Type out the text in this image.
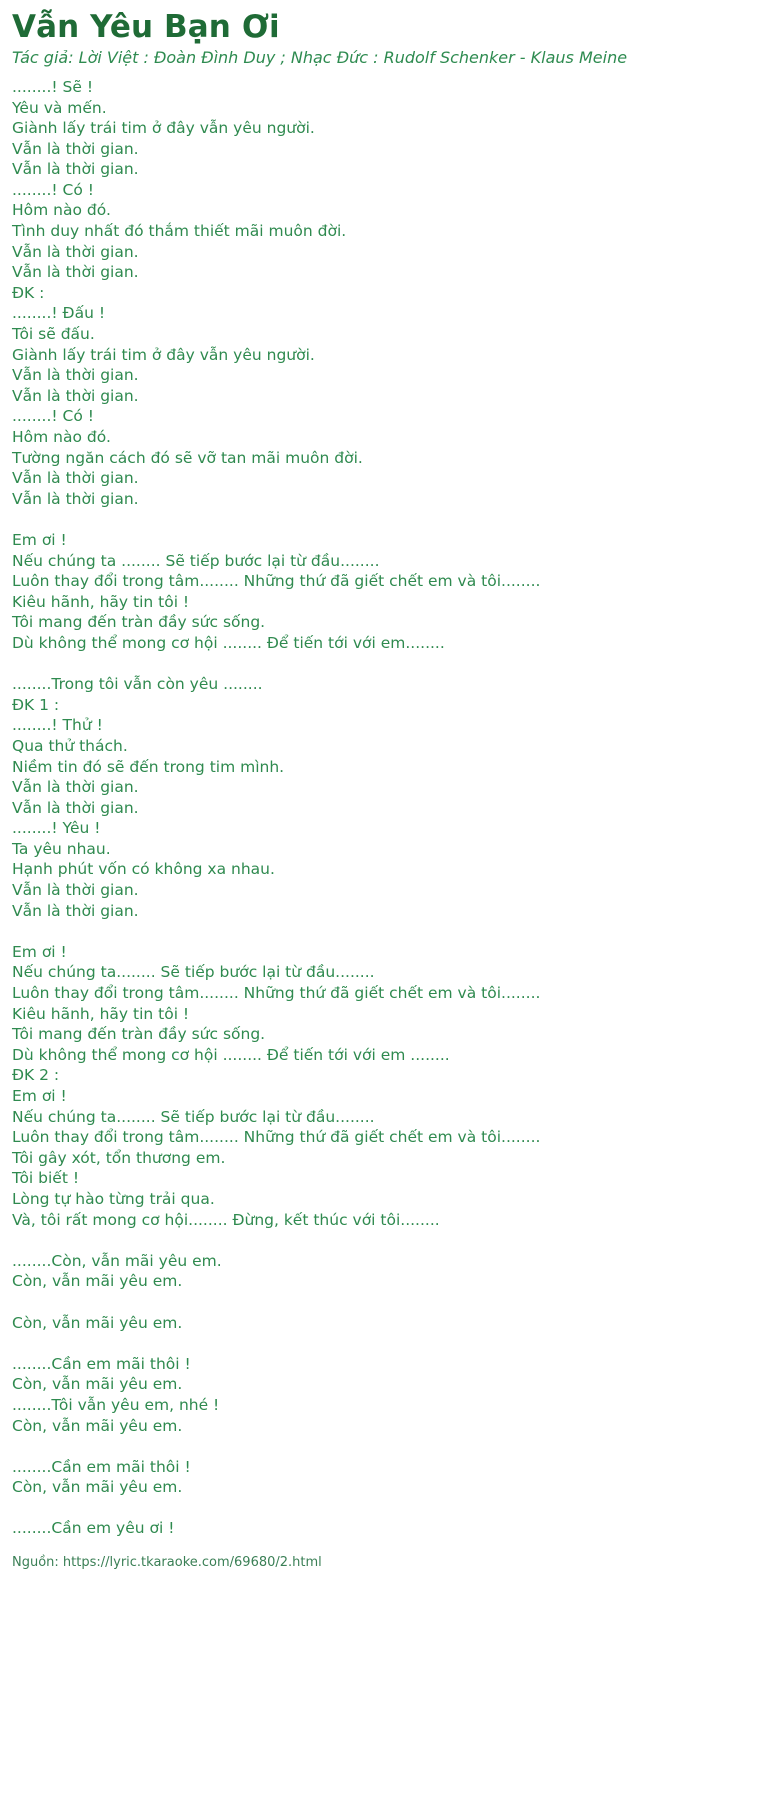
Vẫn Yêu Bạn Ơi
Tác giả: Lời Việt : Đoàn Đình Duy ; Nhạc Đức : Rudolf Schenker - Klaus Meine
........! Sẽ !
Yêu và mến.
Giành lấy trái tim ở đây vẫn yêu người.
Vẫn là thời gian.
Vẫn là thời gian.
........! Có !
Hôm nào đó.
Tình duy nhất đó thắm thiết mãi muôn đời.
Vẫn là thời gian.
Vẫn là thời gian.
ĐK :
........! Đấu !
Tôi sẽ đấu.
Giành lấy trái tim ở đây vẫn yêu người.
Vẫn là thời gian.
Vẫn là thời gian.
........! Có !
Hôm nào đó.
Tường ngăn cách đó sẽ vỡ tan mãi muôn đời.
Vẫn là thời gian.
Vẫn là thời gian.

Em ơi !
Nếu chúng ta ........ Sẽ tiếp bước lại từ đầu........
Luôn thay đổi trong tâm........ Những thứ đã giết chết em và tôi........
Kiêu hãnh, hãy tin tôi !
Tôi mang đến tràn đầy sức sống.
Dù không thể mong cơ hội ........ Để tiến tới với em........

........Trong tôi vẫn còn yêu ........
ĐK 1 :
........! Thử !
Qua thử thách.
Niềm tin đó sẽ đến trong tim mình.
Vẫn là thời gian.
Vẫn là thời gian.
........! Yêu !
Ta yêu nhau.
Hạnh phút vốn có không xa nhau.
Vẫn là thời gian.
Vẫn là thời gian.

Em ơi !
Nếu chúng ta........ Sẽ tiếp bước lại từ đầu........
Luôn thay đổi trong tâm........ Những thứ đã giết chết em và tôi........
Kiêu hãnh, hãy tin tôi !
Tôi mang đến tràn đầy sức sống.
Dù không thể mong cơ hội ........ Để tiến tới với em ........
ĐK 2 :
Em ơi !
Nếu chúng ta........ Sẽ tiếp bước lại từ đầu........
Luôn thay đổi trong tâm........ Những thứ đã giết chết em và tôi........
Tôi gây xót, tổn thương em.
Tôi biết !
Lòng tự hào từng trải qua.
Và, tôi rất mong cơ hội........ Đừng, kết thúc với tôi........

........Còn, vẫn mãi yêu em.
Còn, vẫn mãi yêu em.

Còn, vẫn mãi yêu em.

........Cần em mãi thôi !
Còn, vẫn mãi yêu em.
........Tôi vẫn yêu em, nhé !
Còn, vẫn mãi yêu em.

........Cần em mãi thôi !
Còn, vẫn mãi yêu em.

........Cần em yêu ơi !
Nguồn: https://lyric.tkaraoke.com/69680/2.html
